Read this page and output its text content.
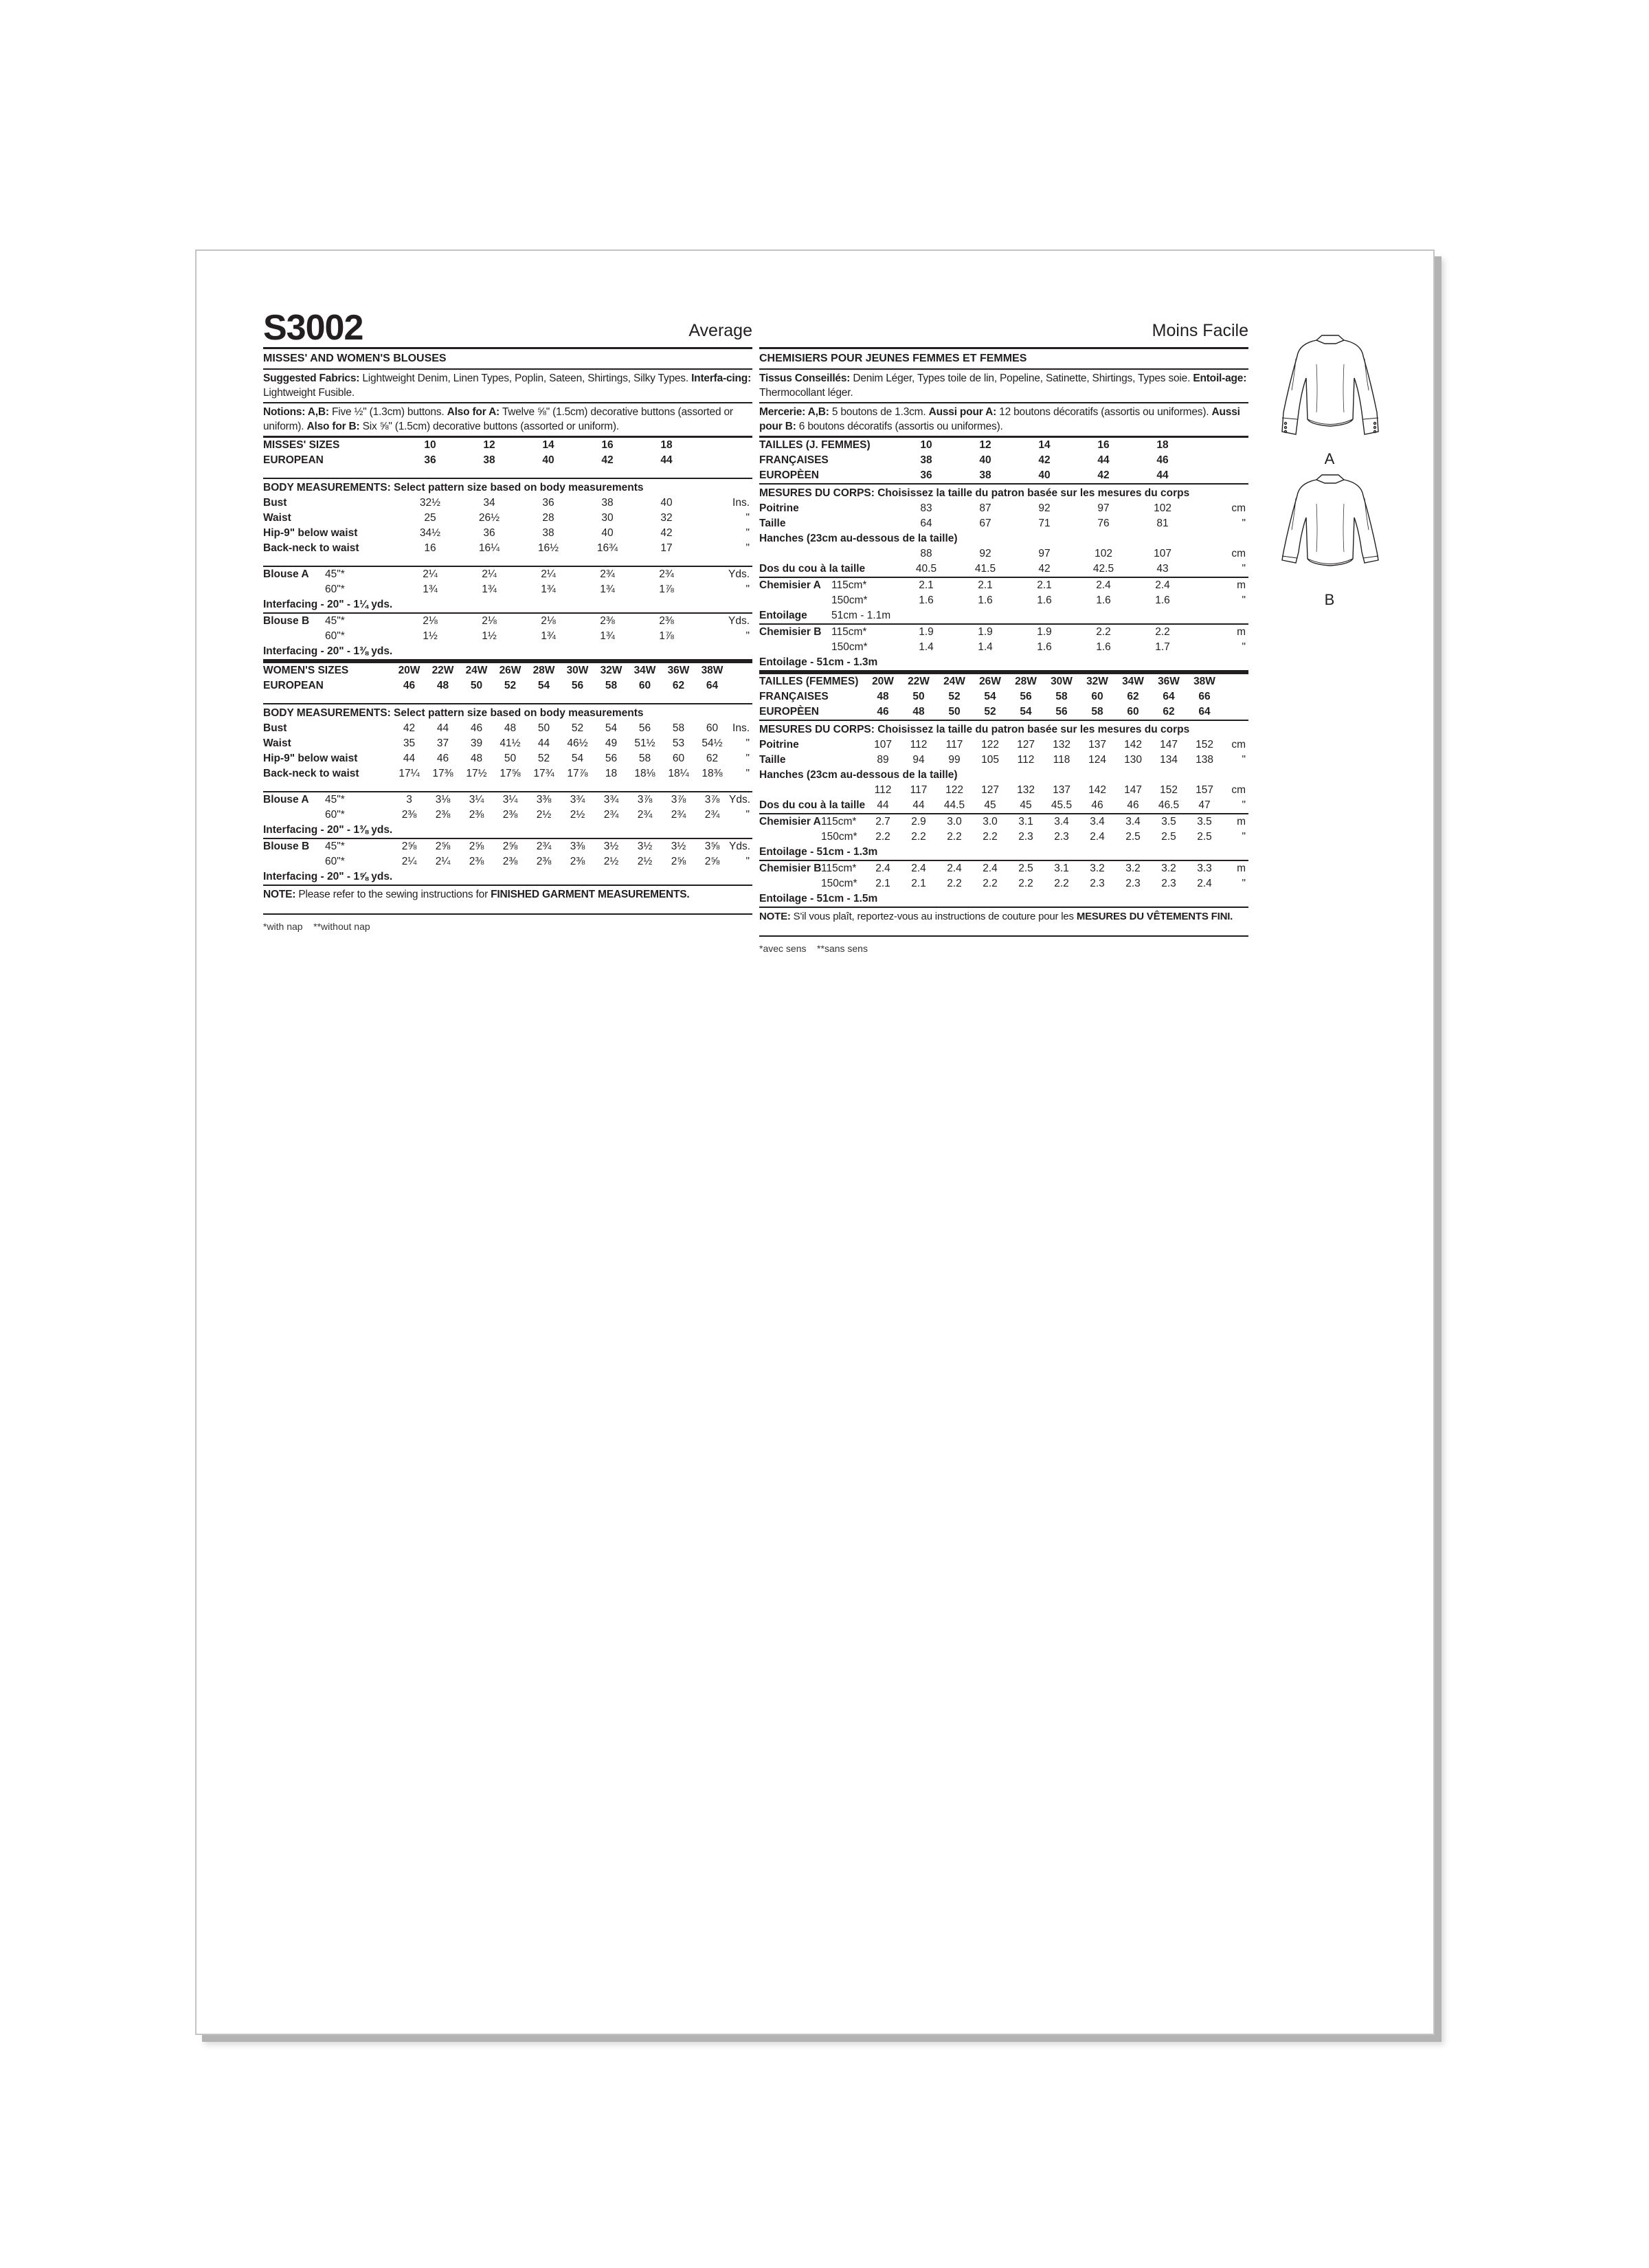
S3002	Average	Moins Facile
MISSES' AND WOMEN'S BLOUSES
Suggested Fabrics: Lightweight Denim, Linen Types, Poplin, Sateen, Shirtings, Silky Types. Interfa-cing: Lightweight Fusible.
Notions: A,B: Five ½" (1.3cm) buttons. Also for A: Twelve ⅝" (1.5cm) decorative buttons (assorted or uniform). Also for B: Six ⅝" (1.5cm) decorative buttons (assorted or uniform).
MISSES' SIZES	10	12	14	16	18	
EUROPEAN	36	38	40	42	44	
BODY MEASUREMENTS: Select pattern size based on body measurements
Bust	32½	34	36	38	40	Ins.
Waist	25	26½	28	30	32	"
Hip-9" below waist	34½	36	38	40	42	"
Back-neck to waist	16	16¼	16½	16¾	17	"
Blouse A	45"*	2¼	2¼	2¼	2¾	2¾	Yds.
	60"*	1¾	1¾	1¾	1¾	1⅞	"
Interfacing - 20" - 1¼ yds.							
Blouse B	45"*	2⅛	2⅛	2⅛	2⅜	2⅜	Yds.
	60"*	1½	1½	1¾	1¾	1⅞	"
Interfacing - 20" - 1⅜ yds.							
WOMEN'S SIZES	20W	22W	24W	26W	28W	30W	32W	34W	36W	38W	
EUROPEAN	46	48	50	52	54	56	58	60	62	64	
BODY MEASUREMENTS: Select pattern size based on body measurements
Bust	42	44	46	48	50	52	54	56	58	60	Ins.
Waist	35	37	39	41½	44	46½	49	51½	53	54½	"
Hip-9" below waist	44	46	48	50	52	54	56	58	60	62	"
Back-neck to waist	17¼	17⅜	17½	17⅝	17¾	17⅞	18	18⅛	18¼	18⅜	"
Blouse A	45"*	3	3⅛	3¼	3¼	3⅜	3¾	3¾	3⅞	3⅞	3⅞	Yds.
	60"*	2⅜	2⅜	2⅜	2⅜	2½	2½	2¾	2¾	2¾	2¾	"
Interfacing - 20" - 1⅜ yds.												
Blouse B	45"*	2⅝	2⅝	2⅝	2⅝	2¾	3⅜	3½	3½	3½	3⅝	Yds.
	60"*	2¼	2¼	2⅜	2⅜	2⅜	2⅜	2½	2½	2⅝	2⅝	"
Interfacing - 20" - 1⅝ yds.												
NOTE: Please refer to the sewing instructions for FINISHED GARMENT MEASUREMENTS.
*with nap    **without nap
CHEMISIERS POUR JEUNES FEMMES ET FEMMES
Tissus Conseillés: Denim Léger, Types toile de lin, Popeline, Satinette, Shirtings, Types soie. Entoil-age: Thermocollant léger.
Mercerie: A,B: 5 boutons de 1.3cm. Aussi pour A: 12 boutons décoratifs (assortis ou uniformes). Aussi pour B: 6 boutons décoratifs (assortis ou uniformes).
TAILLES (J. FEMMES)	10	12	14	16	18	
FRANÇAISES	38	40	42	44	46	
EUROPÈEN	36	38	40	42	44	
MESURES DU CORPS: Choisissez la taille du patron basée sur les mesures du corps
Poitrine	83	87	92	97	102	cm
Taille	64	67	71	76	81	"
Hanches (23cm au-dessous de la taille)						
	88	92	97	102	107	cm
Dos du cou à la taille	40.5	41.5	42	42.5	43	"
Chemisier A	115cm*	2.1	2.1	2.1	2.4	2.4	m
	150cm*	1.6	1.6	1.6	1.6	1.6	"
Entoilage	51cm - 1.1m						
Chemisier B	115cm*	1.9	1.9	1.9	2.2	2.2	m
	150cm*	1.4	1.4	1.6	1.6	1.7	"
Entoilage - 51cm - 1.3m							
TAILLES (FEMMES)	20W	22W	24W	26W	28W	30W	32W	34W	36W	38W	
FRANÇAISES	48	50	52	54	56	58	60	62	64	66	
EUROPÈEN	46	48	50	52	54	56	58	60	62	64	
MESURES DU CORPS: Choisissez la taille du patron basée sur les mesures du corps
Poitrine	107	112	117	122	127	132	137	142	147	152	cm
Taille	89	94	99	105	112	118	124	130	134	138	"
Hanches (23cm au-dessous de la taille)											
	112	117	122	127	132	137	142	147	152	157	cm
Dos du cou à la taille	44	44	44.5	45	45	45.5	46	46	46.5	47	"
Chemisier A	115cm*	2.7	2.9	3.0	3.0	3.1	3.4	3.4	3.4	3.5	3.5	m
	150cm*	2.2	2.2	2.2	2.2	2.3	2.3	2.4	2.5	2.5	2.5	"
Entoilage - 51cm - 1.3m												
Chemisier B	115cm*	2.4	2.4	2.4	2.4	2.5	3.1	3.2	3.2	3.2	3.3	m
	150cm*	2.1	2.1	2.2	2.2	2.2	2.2	2.3	2.3	2.3	2.4	"
Entoilage - 51cm - 1.5m												
NOTE: S'il vous plaît, reportez-vous au instructions de couture pour les MESURES DU VÊTEMENTS FINI.
*avec sens    **sans sens
A
B
